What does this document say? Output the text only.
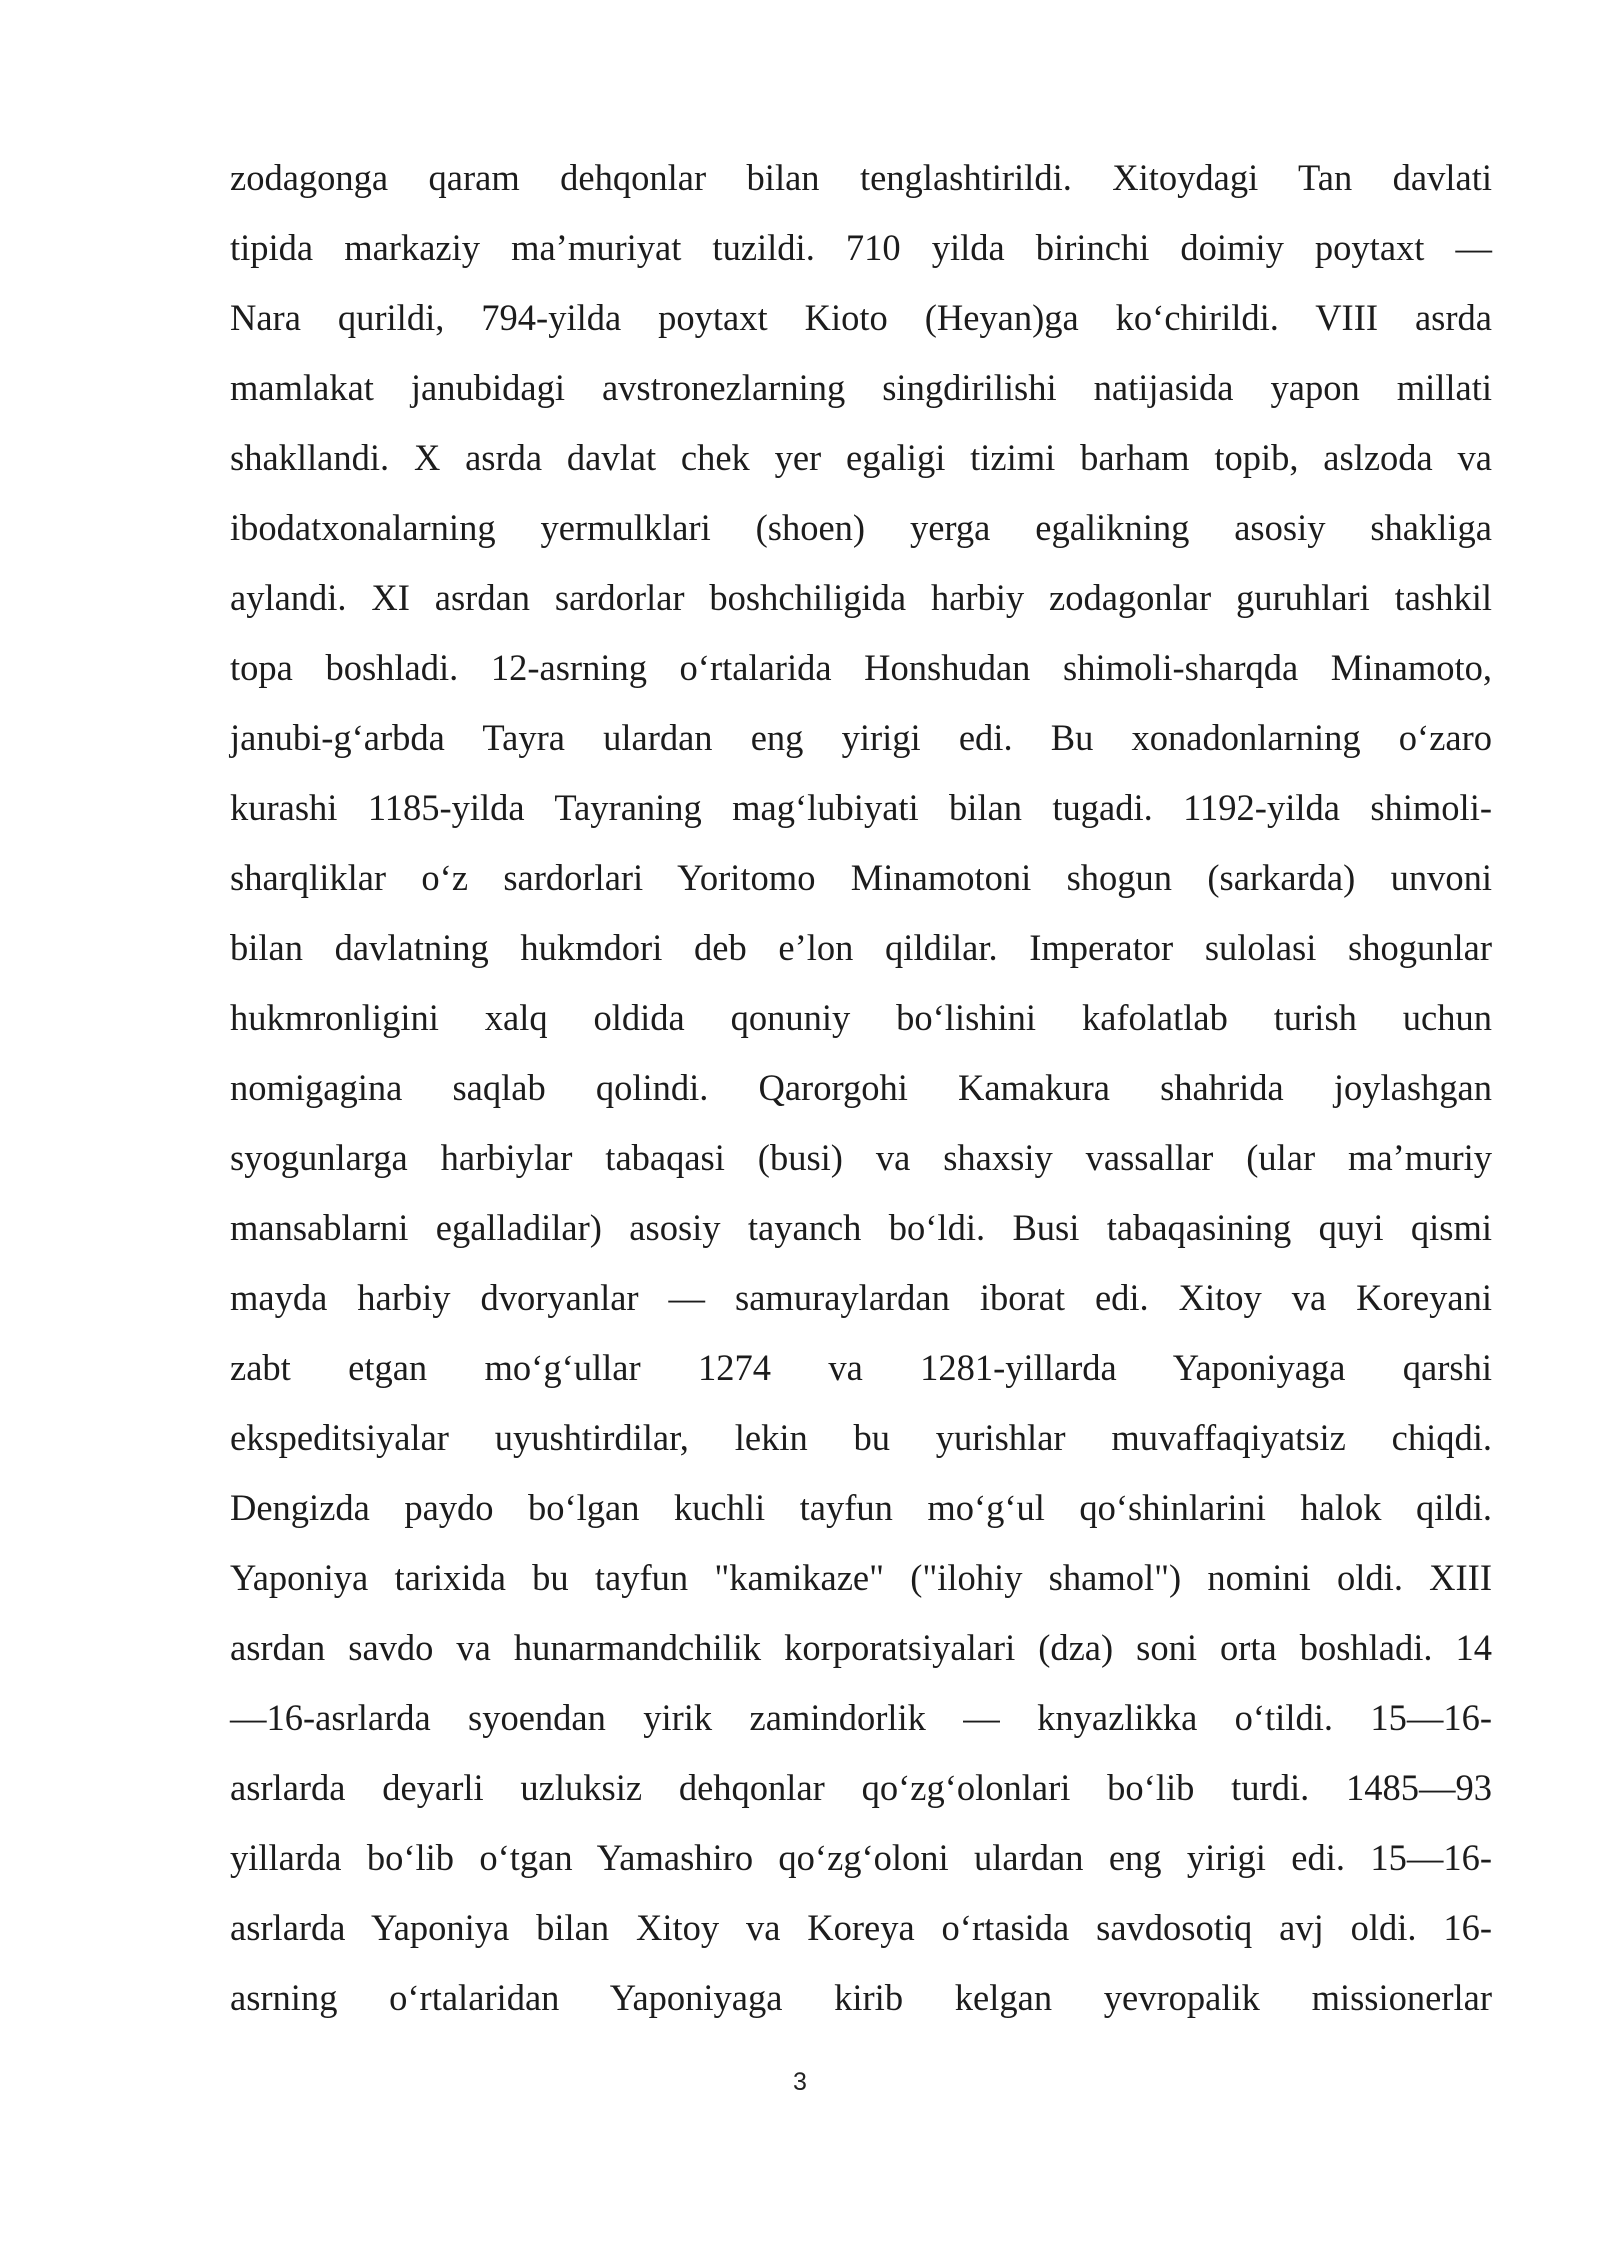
zodagonga qaram dehqonlar bilan tenglashtirildi. Xitoydagi Tan davlati
tipida markaziy ma’muriyat tuzildi. 710 yilda birinchi doimiy poytaxt —
Nara qurildi, 794-yilda poytaxt Kioto (Heyan)ga ko‘chirildi. VIII asrda
mamlakat janubidagi avstronezlarning singdirilishi natijasida yapon millati
shakllandi. X asrda davlat chek yer egaligi tizimi barham topib, aslzoda va
ibodatxonalarning yermulklari (shoen) yerga egalikning asosiy shakliga
aylandi. XI asrdan sardorlar boshchiligida harbiy zodagonlar guruhlari tashkil
topa boshladi. 12-asrning o‘rtalarida Honshudan shimoli-sharqda Minamoto,
janubi-g‘arbda Tayra ulardan eng yirigi edi. Bu xonadonlarning o‘zaro
kurashi 1185-yilda Tayraning mag‘lubiyati bilan tugadi. 1192-yilda shimoli-
sharqliklar o‘z sardorlari Yoritomo Minamotoni shogun (sarkarda) unvoni
bilan davlatning hukmdori deb e’lon qildilar. Imperator sulolasi shogunlar
hukmronligini xalq oldida qonuniy bo‘lishini kafolatlab turish uchun
nomigagina saqlab qolindi. Qarorgohi Kamakura shahrida joylashgan
syogunlarga harbiylar tabaqasi (busi) va shaxsiy vassallar (ular ma’muriy
mansablarni egalladilar) asosiy tayanch bo‘ldi. Busi tabaqasining quyi qismi
mayda harbiy dvoryanlar — samuraylardan iborat edi. Xitoy va Koreyani
zabt etgan mo‘g‘ullar 1274 va 1281-yillarda Yaponiyaga qarshi
ekspeditsiyalar uyushtirdilar, lekin bu yurishlar muvaffaqiyatsiz chiqdi.
Dengizda paydo bo‘lgan kuchli tayfun mo‘g‘ul qo‘shinlarini halok qildi.
Yaponiya tarixida bu tayfun "kamikaze" ("ilohiy shamol") nomini oldi. XIII
asrdan savdo va hunarmandchilik korporatsiyalari (dza) soni orta boshladi. 14
—16-asrlarda syoendan yirik zamindorlik — knyazlikka o‘tildi. 15—16-
asrlarda deyarli uzluksiz dehqonlar qo‘zg‘olonlari bo‘lib turdi. 1485—93
yillarda bo‘lib o‘tgan Yamashiro qo‘zg‘oloni ulardan eng yirigi edi. 15—16-
asrlarda Yaponiya bilan Xitoy va Koreya o‘rtasida savdosotiq avj oldi. 16-
asrning o‘rtalaridan Yaponiyaga kirib kelgan yevropalik missionerlar
3
